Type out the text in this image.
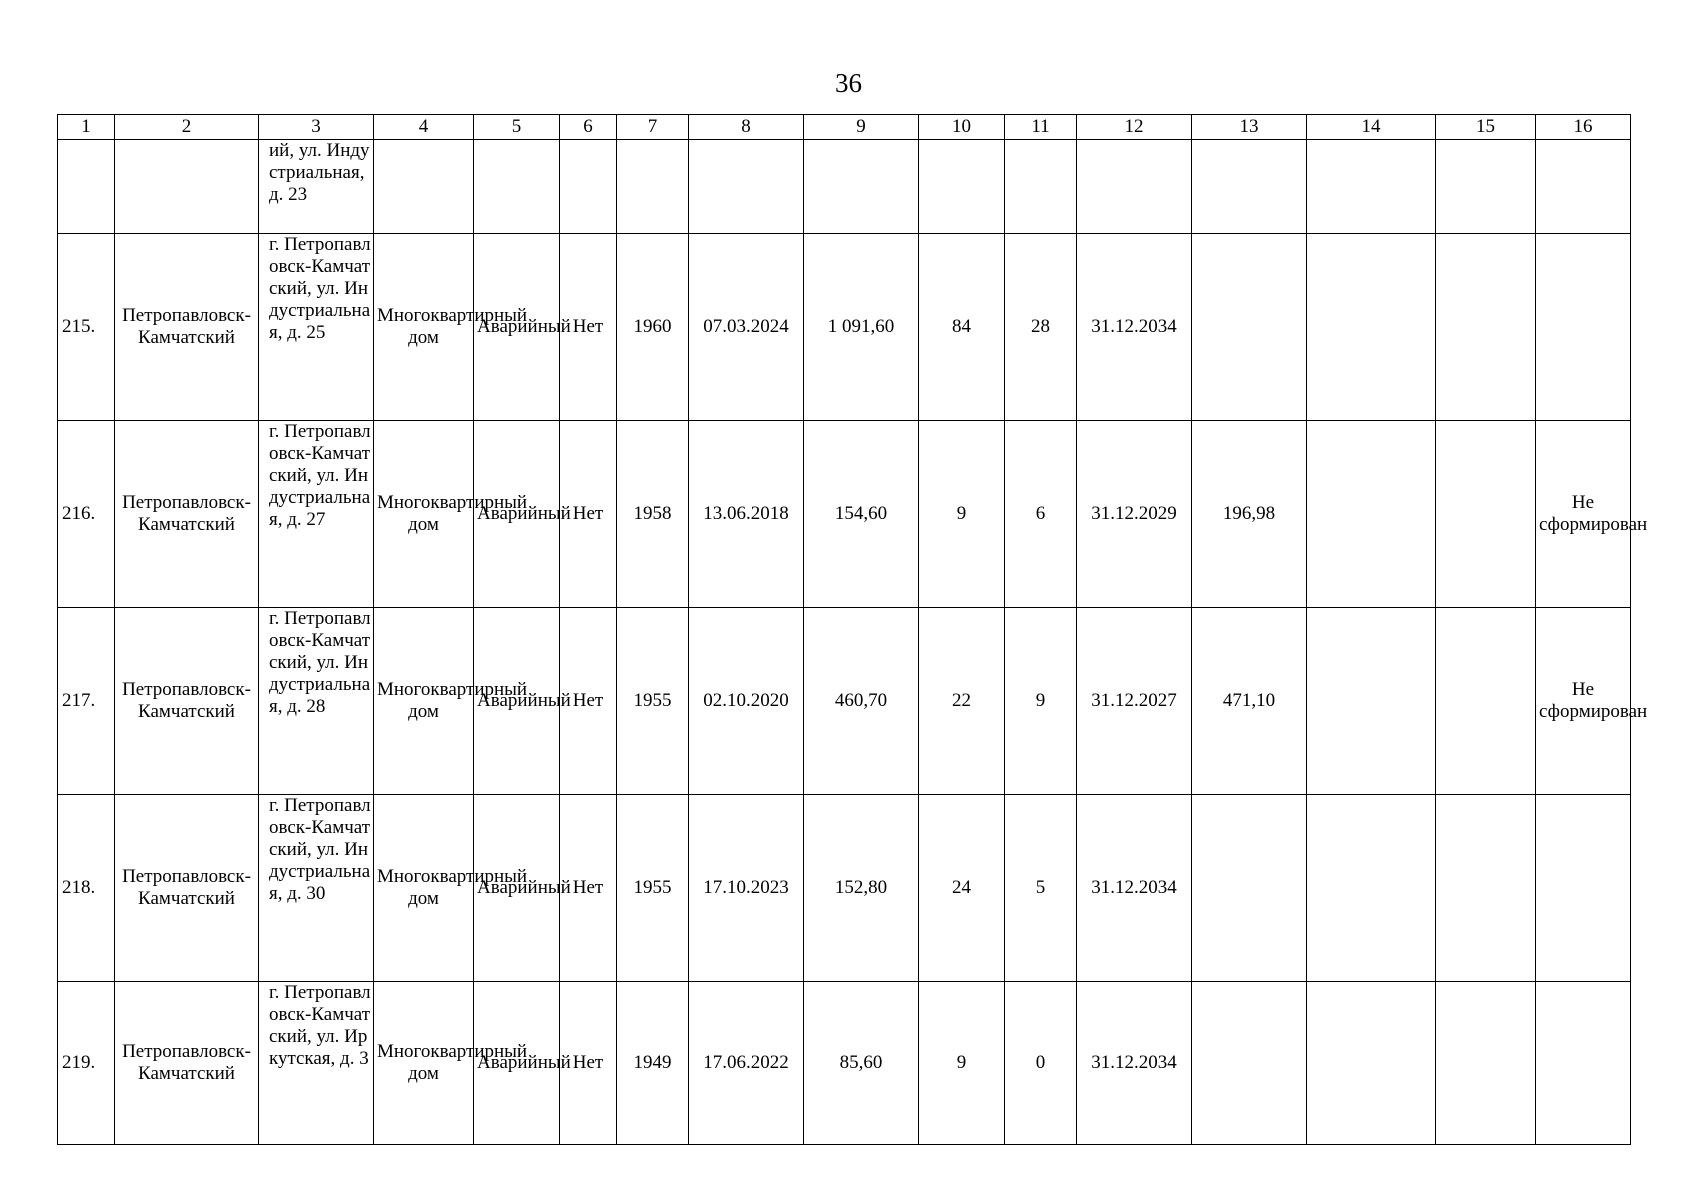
36
1	2	3	4	5	6	7	8	9	10	11	12	13	14	15	16

		ий, ул. Индустриальная, д. 23													

215.	Петропавловск-Камчатский	г. Петропавловск-Камчатский, ул. Индустриальная, д. 25	Многоквартирный дом	Аварийный	Нет	1960	07.03.2024	1 091,60	84	28	31.12.2034				
216.	Петропавловск-Камчатский	г. Петропавловск-Камчатский, ул. Индустриальная, д. 27	Многоквартирный дом	Аварийный	Нет	1958	13.06.2018	154,60	9	6	31.12.2029	196,98			Не сформирован
217.	Петропавловск-Камчатский	г. Петропавловск-Камчатский, ул. Индустриальная, д. 28	Многоквартирный дом	Аварийный	Нет	1955	02.10.2020	460,70	22	9	31.12.2027	471,10			Не сформирован
218.	Петропавловск-Камчатский	г. Петропавловск-Камчатский, ул. Индустриальная, д. 30	Многоквартирный дом	Аварийный	Нет	1955	17.10.2023	152,80	24	5	31.12.2034				
219.	Петропавловск-Камчатский	г. Петропавловск-Камчатский, ул. Иркутская, д. 3	Многоквартирный дом	Аварийный	Нет	1949	17.06.2022	85,60	9	0	31.12.2034				
